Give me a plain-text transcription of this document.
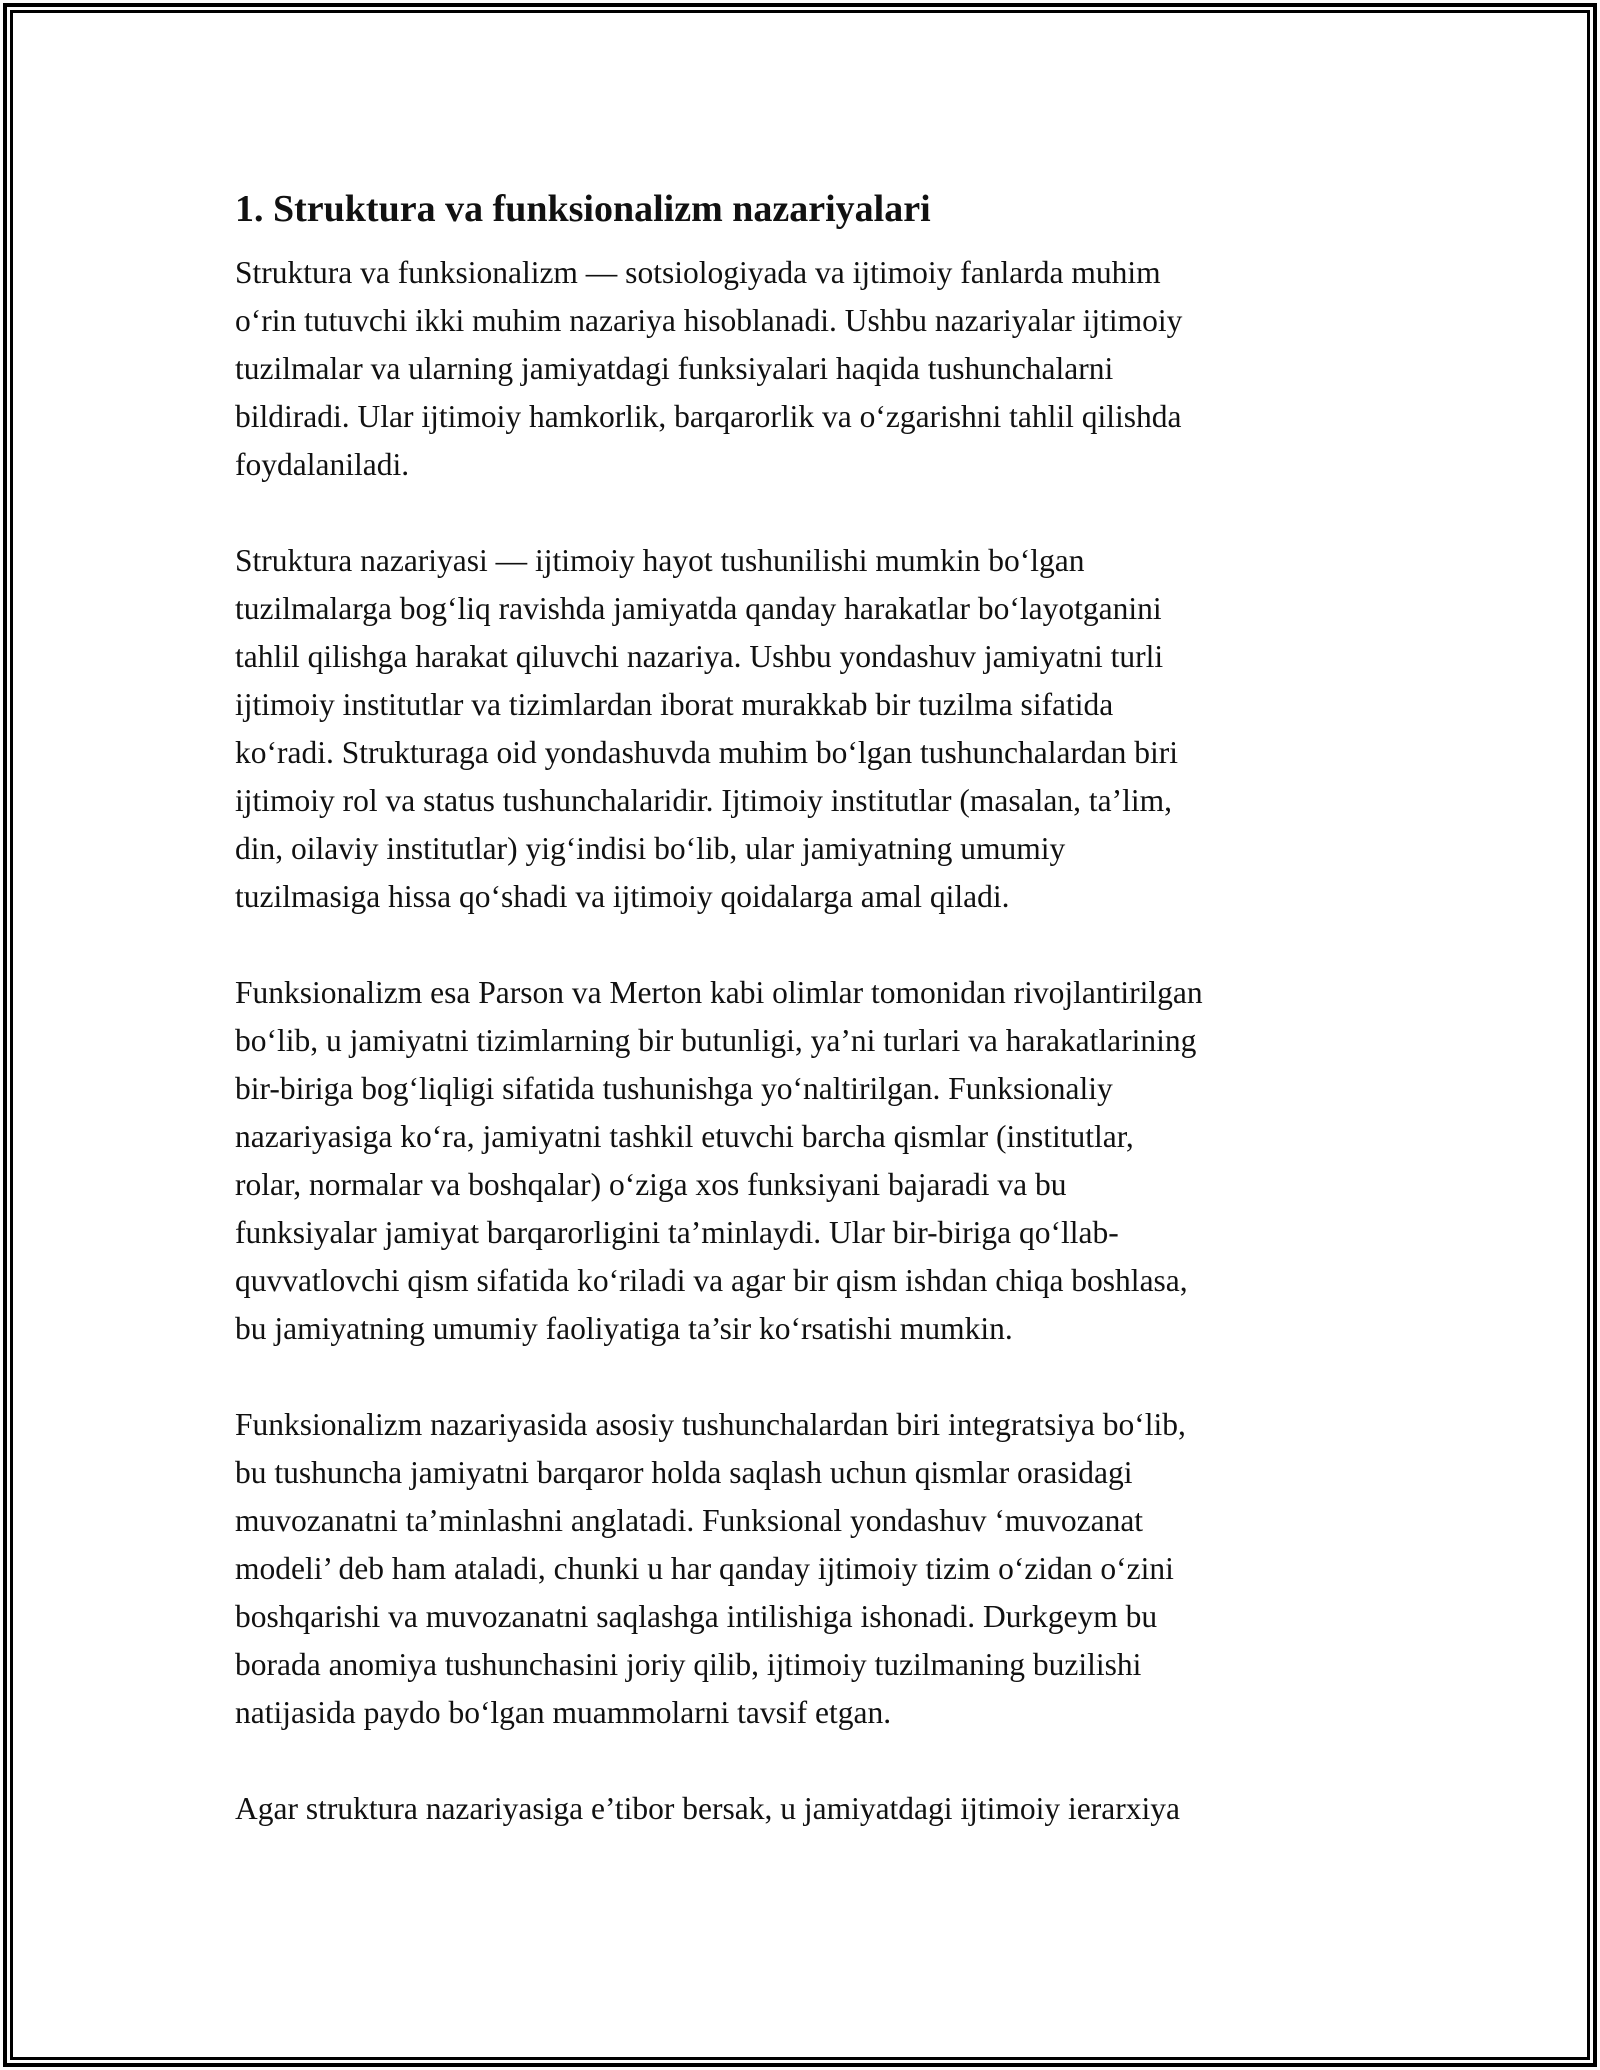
1. Struktura va funksionalizm nazariyalari

Struktura va funksionalizm — sotsiologiyada va ijtimoiy fanlarda muhim
o‘rin tutuvchi ikki muhim nazariya hisoblanadi. Ushbu nazariyalar ijtimoiy
tuzilmalar va ularning jamiyatdagi funksiyalari haqida tushunchalarni
bildiradi. Ular ijtimoiy hamkorlik, barqarorlik va o‘zgarishni tahlil qilishda
foydalaniladi.

Struktura nazariyasi — ijtimoiy hayot tushunilishi mumkin bo‘lgan
tuzilmalarga bog‘liq ravishda jamiyatda qanday harakatlar bo‘layotganini
tahlil qilishga harakat qiluvchi nazariya. Ushbu yondashuv jamiyatni turli
ijtimoiy institutlar va tizimlardan iborat murakkab bir tuzilma sifatida
ko‘radi. Strukturaga oid yondashuvda muhim bo‘lgan tushunchalardan biri
ijtimoiy rol va status tushunchalaridir. Ijtimoiy institutlar (masalan, ta’lim,
din, oilaviy institutlar) yig‘indisi bo‘lib, ular jamiyatning umumiy
tuzilmasiga hissa qo‘shadi va ijtimoiy qoidalarga amal qiladi.

Funksionalizm esa Parson va Merton kabi olimlar tomonidan rivojlantirilgan
bo‘lib, u jamiyatni tizimlarning bir butunligi, ya’ni turlari va harakatlarining
bir-biriga bog‘liqligi sifatida tushunishga yo‘naltirilgan. Funksionaliy
nazariyasiga ko‘ra, jamiyatni tashkil etuvchi barcha qismlar (institutlar,
rolar, normalar va boshqalar) o‘ziga xos funksiyani bajaradi va bu
funksiyalar jamiyat barqarorligini ta’minlaydi. Ular bir-biriga qo‘llab-
quvvatlovchi qism sifatida ko‘riladi va agar bir qism ishdan chiqa boshlasa,
bu jamiyatning umumiy faoliyatiga ta’sir ko‘rsatishi mumkin.

Funksionalizm nazariyasida asosiy tushunchalardan biri integratsiya bo‘lib,
bu tushuncha jamiyatni barqaror holda saqlash uchun qismlar orasidagi
muvozanatni ta’minlashni anglatadi. Funksional yondashuv ‘muvozanat
modeli’ deb ham ataladi, chunki u har qanday ijtimoiy tizim o‘zidan o‘zini
boshqarishi va muvozanatni saqlashga intilishiga ishonadi. Durkgeym bu
borada anomiya tushunchasini joriy qilib, ijtimoiy tuzilmaning buzilishi
natijasida paydo bo‘lgan muammolarni tavsif etgan.

Agar struktura nazariyasiga e’tibor bersak, u jamiyatdagi ijtimoiy ierarxiya
